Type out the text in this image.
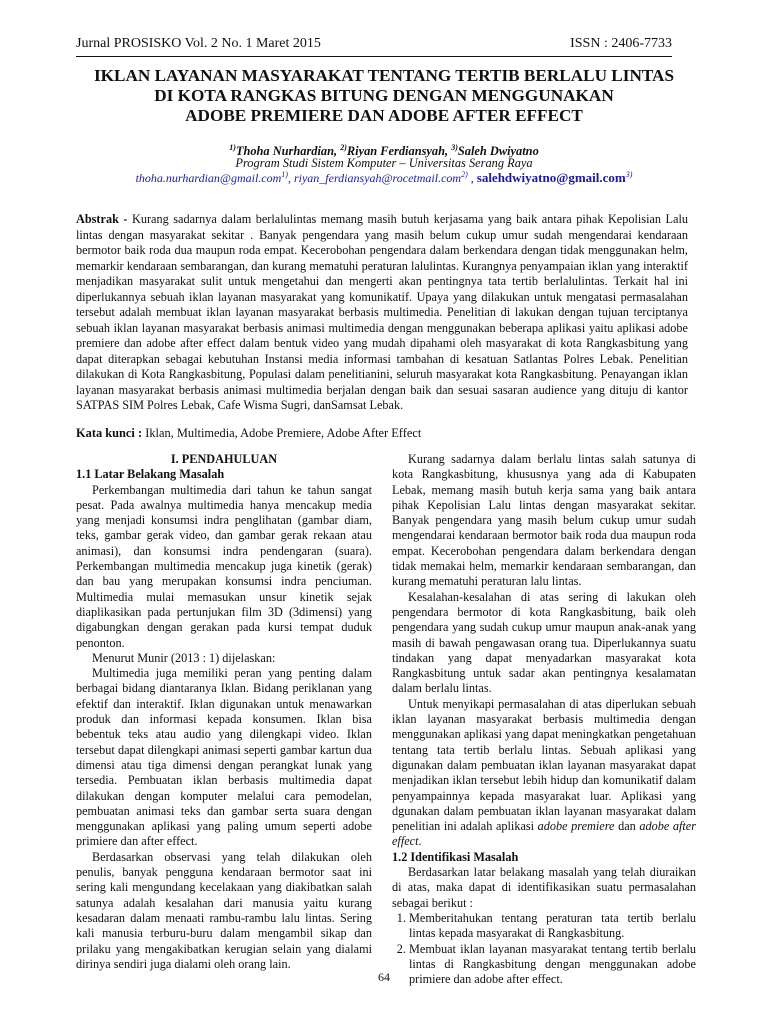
Jurnal PROSISKO Vol. 2 No. 1 Maret 2015	ISSN : 2406-7733
IKLAN LAYANAN MASYARAKAT TENTANG TERTIB BERLALU LINTAS
DI KOTA RANGKAS BITUNG DENGAN MENGGUNAKAN
ADOBE PREMIERE DAN ADOBE AFTER EFFECT
$^{1)}$Thoha Nurhardian, $^{2)}$Riyan Ferdiansyah, $^{3)}$Saleh Dwiyatno
Program Studi Sistem Komputer – Universitas Serang Raya
thoha.nurhardian@gmail.com$^{1)}$, riyan_ferdiansyah@rocetmail.com$^{2)}$ , salehdwiyatno@gmail.com$^{3)}$
Abstrak - Kurang sadarnya dalam berlalulintas memang masih butuh kerjasama yang baik antara pihak Kepolisian Lalu lintas dengan masyarakat sekitar . Banyak pengendara yang masih belum cukup umur sudah mengendarai kendaraan bermotor baik roda dua maupun roda empat. Kecerobohan pengendara dalam berkendara dengan tidak menggunakan helm, memarkir kendaraan sembarangan, dan kurang mematuhi peraturan lalulintas. Kurangnya penyampaian iklan yang interaktif menjadikan masyarakat sulit untuk mengetahui dan mengerti akan pentingnya tata tertib berlalulintas. Terkait hal ini diperlukannya sebuah iklan layanan masyarakat yang komunikatif. Upaya yang dilakukan untuk mengatasi permasalahan tersebut adalah membuat iklan layanan masyarakat berbasis multimedia. Penelitian di lakukan dengan tujuan terciptanya sebuah iklan layanan masyarakat berbasis animasi multimedia dengan menggunakan beberapa aplikasi yaitu aplikasi adobe premiere dan adobe after effect dalam bentuk video yang mudah dipahami oleh masyarakat di kota Rangkasbitung yang dapat diterapkan sebagai kebutuhan Instansi media informasi tambahan di kesatuan Satlantas Polres Lebak. Penelitian dilakukan di Kota Rangkasbitung, Populasi dalam penelitianini, seluruh masyarakat kota Rangkasbitung. Penayangan iklan layanan masyarakat berbasis animasi multimedia berjalan dengan baik dan sesuai sasaran audience yang dituju di kantor SATPAS SIM Polres Lebak, Cafe Wisma Sugri, danSamsat Lebak.
Kata kunci : Iklan, Multimedia, Adobe Premiere, Adobe After Effect

I. PENDAHULUAN

1.1 Latar Belakang Masalah

Perkembangan multimedia dari tahun ke tahun sangat pesat. Pada awalnya multimedia hanya mencakup media yang menjadi konsumsi indra penglihatan (gambar diam, teks, gambar gerak video, dan gambar gerak rekaan atau animasi), dan konsumsi indra pendengaran (suara). Perkembangan multimedia mencakup juga kinetik (gerak) dan bau yang merupakan konsumsi indra penciuman. Multimedia mulai memasukan unsur kinetik sejak diaplikasikan pada pertunjukan film 3D (3dimensi) yang digabungkan dengan gerakan pada kursi tempat duduk penonton.

Menurut Munir (2013 : 1) dijelaskan:

Multimedia juga memiliki peran yang penting dalam berbagai bidang diantaranya Iklan. Bidang periklanan yang efektif dan interaktif. Iklan digunakan untuk menawarkan produk dan informasi kepada konsumen. Iklan bisa bebentuk teks atau audio yang dilengkapi video. Iklan tersebut dapat dilengkapi animasi seperti gambar kartun dua dimensi atau tiga dimensi dengan perangkat lunak yang tersedia. Pembuatan iklan berbasis multimedia dapat dilakukan dengan komputer melalui cara pemodelan, pembuatan animasi teks dan gambar serta suara dengan menggunakan aplikasi yang paling umum seperti adobe primiere dan after effect.

Berdasarkan observasi yang telah dilakukan oleh penulis, banyak pengguna kendaraan bermotor saat ini sering kali mengundang kecelakaan yang diakibatkan salah satunya adalah kesalahan dari manusia yaitu kurang kesadaran dalam menaati rambu-rambu lalu lintas. Sering kali manusia terburu-buru dalam mengambil sikap dan prilaku yang mengakibatkan kerugian selain yang dialami dirinya sendiri juga dialami oleh orang lain.

Kurang sadarnya dalam berlalu lintas salah satunya di kota Rangkasbitung, khususnya yang ada di Kabupaten Lebak, memang masih butuh kerja sama yang baik antara pihak Kepolisian Lalu lintas dengan masyarakat sekitar. Banyak pengendara yang masih belum cukup umur sudah mengendarai kendaraan bermotor baik roda dua maupun roda empat. Kecerobohan pengendara dalam berkendara dengan tidak memakai helm, memarkir kendaraan sembarangan, dan kurang mematuhi peraturan lalu lintas.

Kesalahan-kesalahan di atas sering di lakukan oleh pengendara bermotor di kota Rangkasbitung, baik oleh pengendara yang sudah cukup umur maupun anak-anak yang masih di bawah pengawasan orang tua. Diperlukannya suatu tindakan yang dapat menyadarkan masyarakat kota Rangkasbitung untuk sadar akan pentingnya kesalamatan dalam berlalu lintas.

Untuk menyikapi permasalahan di atas diperlukan sebuah iklan layanan masyarakat berbasis multimedia dengan menggunakan aplikasi yang dapat meningkatkan pengetahuan tentang tata tertib berlalu lintas. Sebuah aplikasi yang digunakan dalam pembuatan iklan layanan masyarakat dapat menjadikan iklan tersebut lebih hidup dan komunikatif dalam penyampainnya kepada masyarakat luar. Aplikasi yang dgunakan dalam pembuatan iklan layanan masyarakat dalam penelitian ini adalah aplikasi adobe premiere dan adobe after effect.

1.2 Identifikasi Masalah

Berdasarkan latar belakang masalah yang telah diuraikan di atas, maka dapat di identifikasikan suatu permasalahan sebagai berikut :

1. Memberitahukan tentang peraturan tata tertib berlalu lintas kepada masyarakat di Rangkasbitung.
2. Membuat iklan layanan masyarakat tentang tertib berlalu lintas di Rangkasbitung dengan menggunakan adobe primiere dan adobe after effect.
64
